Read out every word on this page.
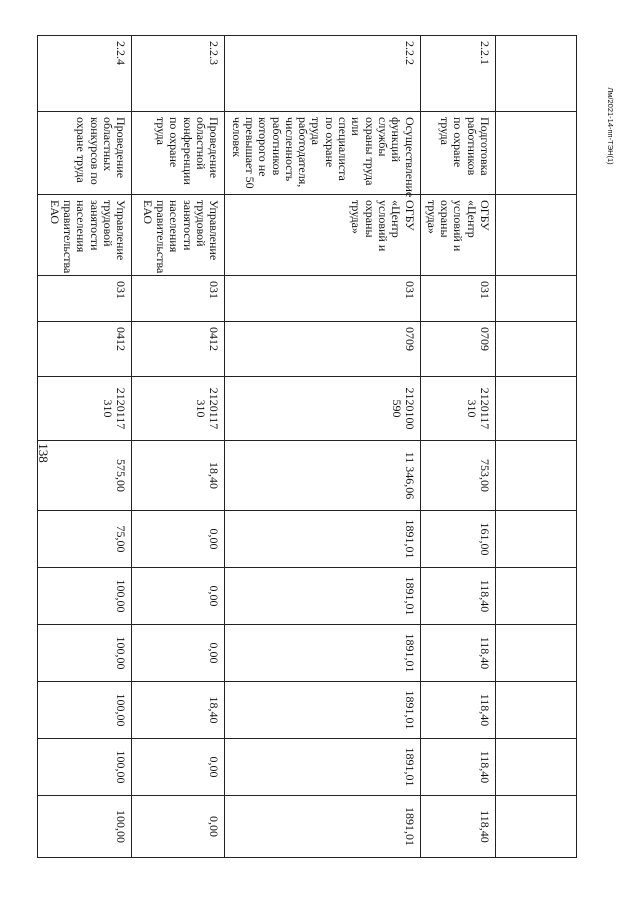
138
Лм/2021-14-пп-ТЭН(1)

2.2.1	Подготовка работников по охране труда	ОГБУ «Центр условий и охраны труда»	031	0709	2120117 310	753,00	161,00	118,40	118,40	118,40	118,40	118,40
2.2.2	Осуществление функций службы охраны труда или специалиста по охране труда работодателя, численность работников которого не превышает 50 человек	ОГБУ «Центр условий и охраны труда»	031	0709	2120100 590	11 346,06	1891,01	1891,01	1891,01	1891,01	1891,01	1891,01
2.2.3	Проведение областной конференции по охране труда	Управление трудовой занятости населения правительства ЕАО	031	0412	2120117 310	18,40	0,00	0,00	0,00	18,40	0,00	0,00
2.2.4	Проведение областных конкурсов по охране труда	Управление трудовой занятости населения правительства ЕАО	031	0412	2120117 310	575,00	75,00	100,00	100,00	100,00	100,00	100,00
